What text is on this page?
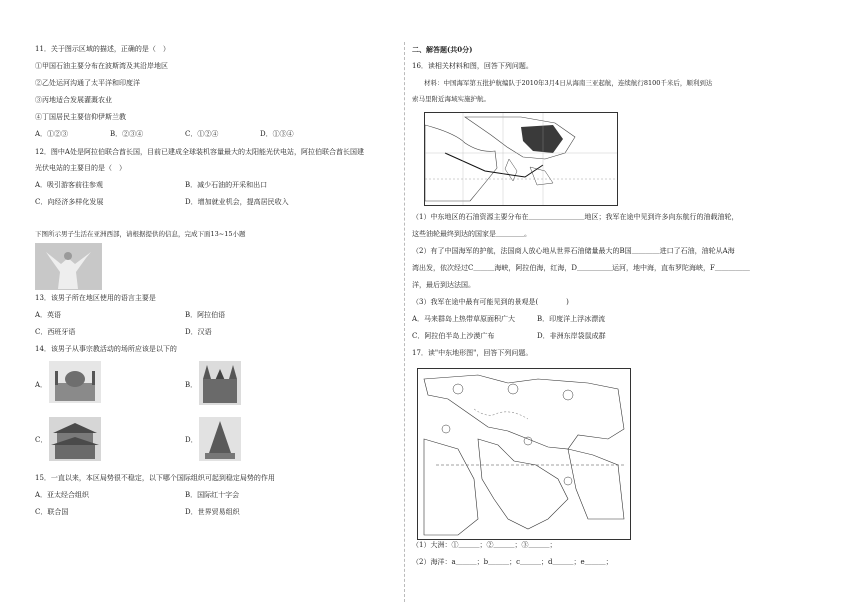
11．关于图示区域的描述，正确的是（　）
①甲国石油主要分布在波斯湾及其沿岸地区
②乙处运河沟通了太平洋和印度洋
③丙地适合发展灌溉农业
④丁国居民主要信仰伊斯兰教
A．①②③	B．②③④	C．①②④	D．①③④
12．图中A处是阿拉伯联合酋长国，目前已建成全球装机容量最大的太阳能光伏电站，阿拉伯联合酋长国建
光伏电站的主要目的是（　）
A．吸引游客前往参观	B．减少石油的开采和出口
C．向经济多样化发展	D．增加就业机会，提高居民收入
下图所示男子生活在亚洲西部，请根据提供的信息，完成下面13~15小题
13．该男子所在地区使用的语言主要是
A．英语	B．阿拉伯语
C．西班牙语	D．汉语
14．该男子从事宗教活动的场所应该是以下的
A．	B．
C．	D．
15．一直以来，本区局势很不稳定，以下哪个国际组织可起到稳定局势的作用
A．亚太经合组织	B．国际红十字会
C．联合国	D．世界贸易组织
二、解答题(共0分)
16．读相关材料和图，回答下列问题。
材料：中国海军第五批护航编队于2010年3月4日从海南三亚起航，连续航行8100千米后，顺利到达
索马里附近海域实施护航。
（1）中东地区的石油资源主要分布在＿＿＿＿＿＿＿＿地区；我军在途中见到许多向东航行的油载油轮，
这些油轮最终到达的国家是＿＿＿＿。
（2）有了中国海军的护航，法国商人放心地从世界石油储量最大的B国＿＿＿＿进口了石油，油轮从A海
湾出发，依次经过C＿＿＿海峡，阿拉伯海，红海，D＿＿＿＿＿运河，地中海，直布罗陀海峡，F＿＿＿＿＿
洋，最后到达法国。
（3）我军在途中最有可能见到的景观是(　　　　)
A．马来群岛上热带草原面积广大	B．印度洋上浮冰漂流
C．阿拉伯半岛上沙漠广布	D．非洲东岸袋鼠成群
17．读"中东地形图"，回答下列问题。
（1）大洲：①＿＿＿；②＿＿＿；③＿＿＿；
（2）海洋：a＿＿＿；b＿＿＿；c＿＿＿；d＿＿＿；e＿＿＿；
